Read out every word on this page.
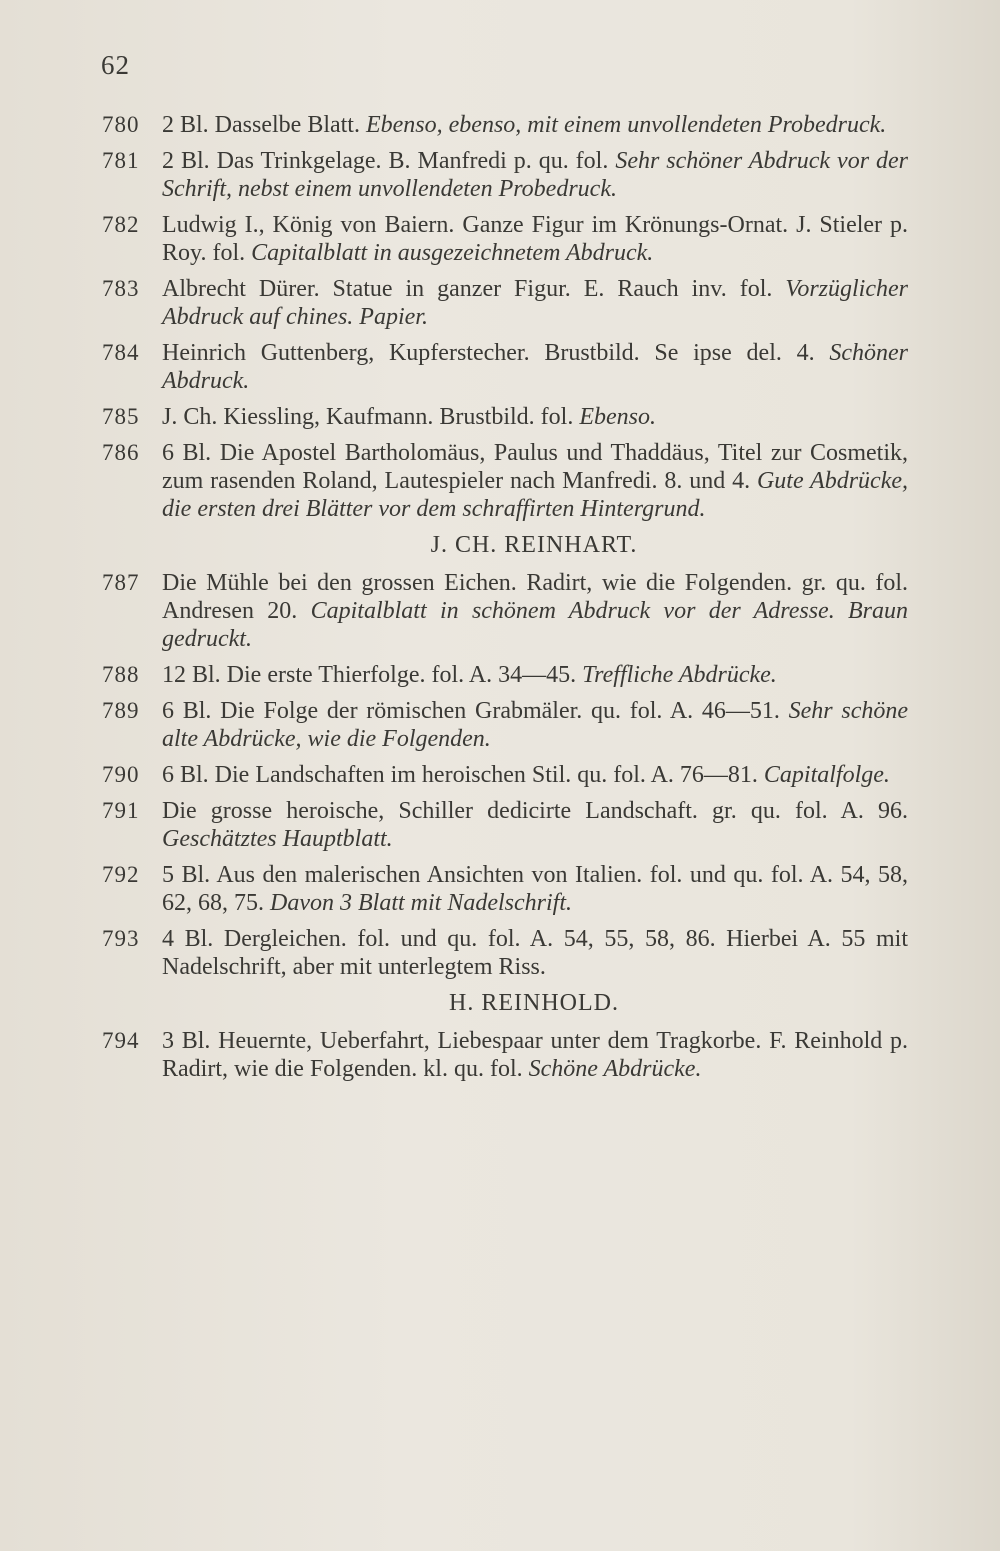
62
780 2 Bl. Dasselbe Blatt. Ebenso, ebenso, mit einem unvollendeten Probedruck.
781 2 Bl. Das Trinkgelage. B. Manfredi p. qu. fol. Sehr schöner Abdruck vor der Schrift, nebst einem unvollendeten Probedruck.
782 Ludwig I., König von Baiern. Ganze Figur im Krönungs-Ornat. J. Stieler p. Roy. fol. Capitalblatt in ausgezeichnetem Abdruck.
783 Albrecht Dürer. Statue in ganzer Figur. E. Rauch inv. fol. Vorzüglicher Abdruck auf chines. Papier.
784 Heinrich Guttenberg, Kupferstecher. Brustbild. Se ipse del. 4. Schöner Abdruck.
785 J. Ch. Kiessling, Kaufmann. Brustbild. fol. Ebenso.
786 6 Bl. Die Apostel Bartholomäus, Paulus und Thaddäus, Titel zur Cosmetik, zum rasenden Roland, Lautespieler nach Manfredi. 8. und 4. Gute Abdrücke, die ersten drei Blätter vor dem schraffirten Hintergrund.
J. CH. REINHART.
787 Die Mühle bei den grossen Eichen. Radirt, wie die Folgenden. gr. qu. fol. Andresen 20. Capitalblatt in schönem Abdruck vor der Adresse. Braun gedruckt.
788 12 Bl. Die erste Thierfolge. fol. A. 34—45. Treffliche Abdrücke.
789 6 Bl. Die Folge der römischen Grabmäler. qu. fol. A. 46—51. Sehr schöne alte Abdrücke, wie die Folgenden.
790 6 Bl. Die Landschaften im heroischen Stil. qu. fol. A. 76—81. Capitalfolge.
791 Die grosse heroische, Schiller dedicirte Landschaft. gr. qu. fol. A. 96. Geschätztes Hauptblatt.
792 5 Bl. Aus den malerischen Ansichten von Italien. fol. und qu. fol. A. 54, 58, 62, 68, 75. Davon 3 Blatt mit Nadelschrift.
793 4 Bl. Dergleichen. fol. und qu. fol. A. 54, 55, 58, 86. Hierbei A. 55 mit Nadelschrift, aber mit unterlegtem Riss.
H. REINHOLD.
794 3 Bl. Heuernte, Ueberfahrt, Liebespaar unter dem Tragkorbe. F. Reinhold p. Radirt, wie die Folgenden. kl. qu. fol. Schöne Abdrücke.
